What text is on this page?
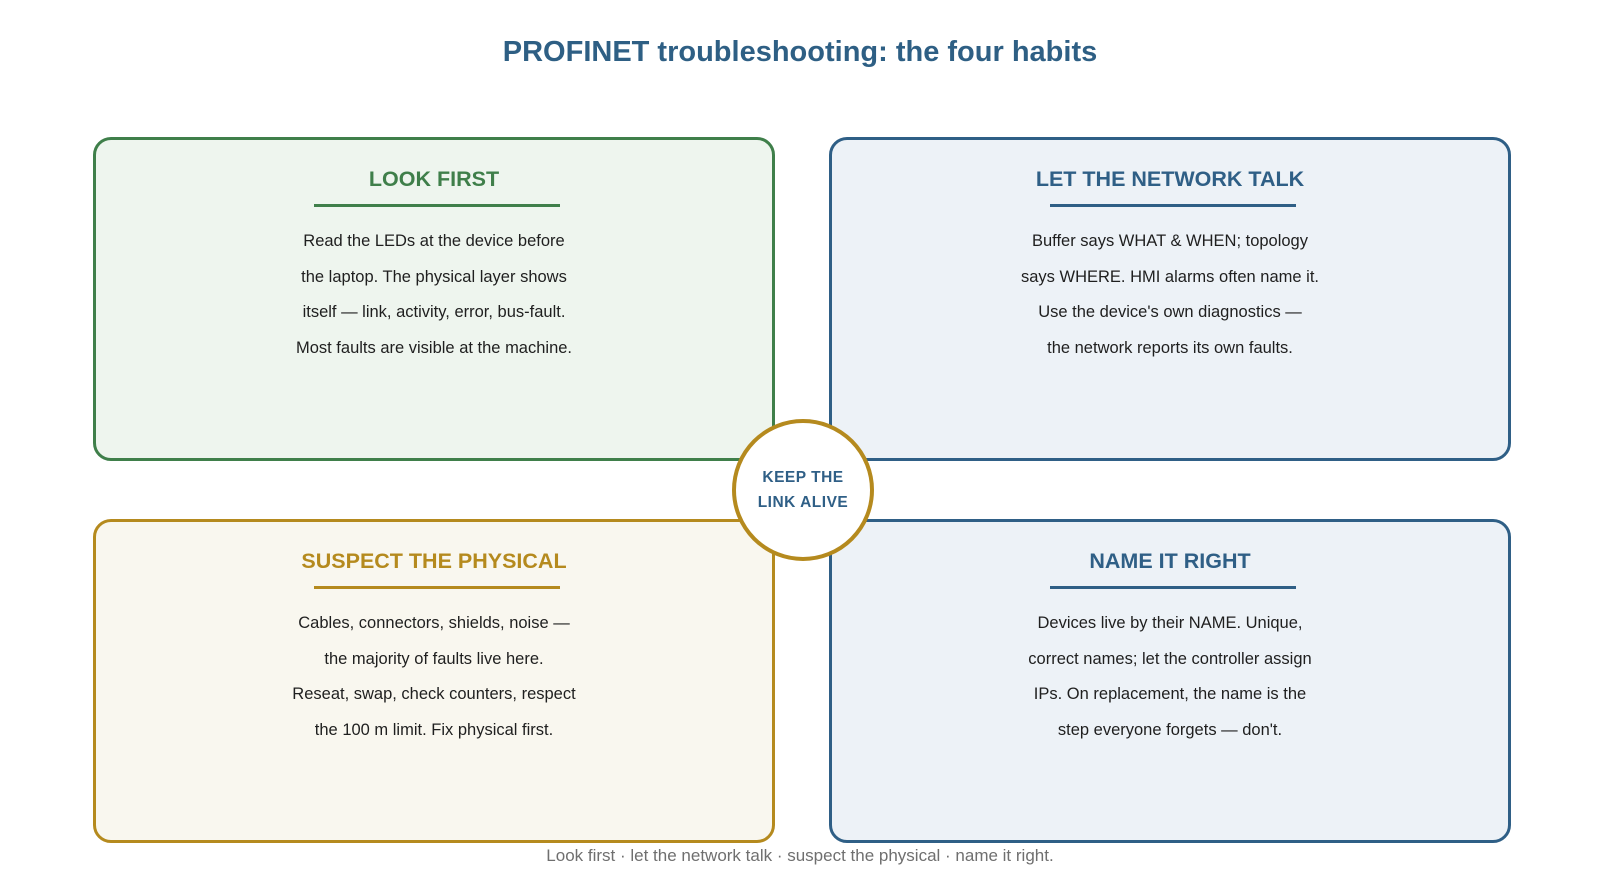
PROFINET troubleshooting: the four habits
LOOK FIRST
Read the LEDs at the device before
the laptop. The physical layer shows
itself — link, activity, error, bus-fault.
Most faults are visible at the machine.
LET THE NETWORK TALK
Buffer says WHAT & WHEN; topology
says WHERE. HMI alarms often name it.
Use the device's own diagnostics —
the network reports its own faults.
SUSPECT THE PHYSICAL
Cables, connectors, shields, noise —
the majority of faults live here.
Reseat, swap, check counters, respect
the 100 m limit. Fix physical first.
NAME IT RIGHT
Devices live by their NAME. Unique,
correct names; let the controller assign
IPs. On replacement, the name is the
step everyone forgets — don't.
KEEP THE
LINK ALIVE
Look first · let the network talk · suspect the physical · name it right.
